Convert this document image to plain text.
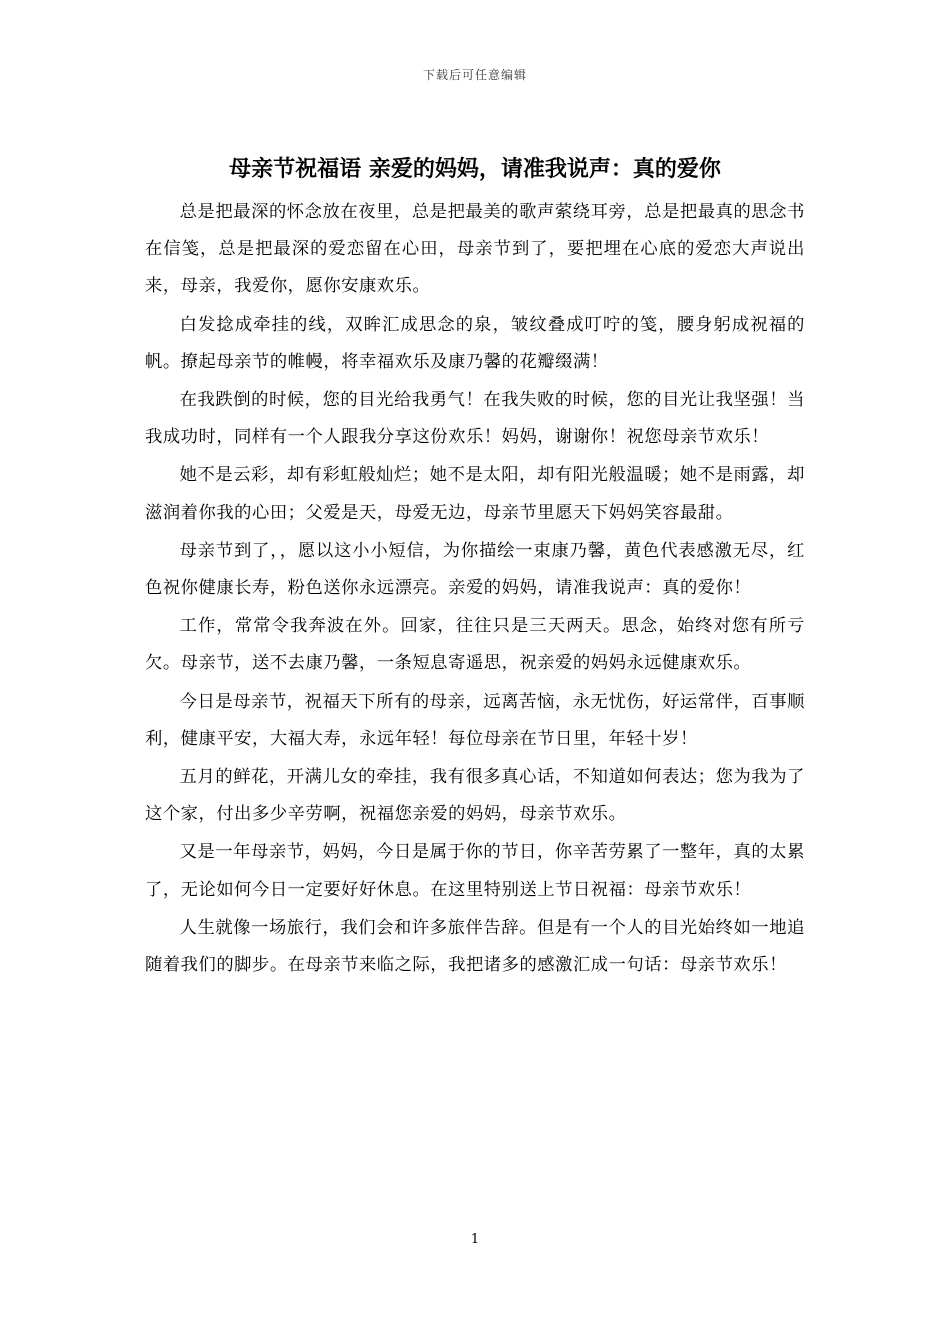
下载后可任意编辑
母亲节祝福语 亲爱的妈妈，请准我说声：真的爱你

总是把最深的怀念放在夜里，总是把最美的歌声萦绕耳旁，总是把最真的思念书在信笺，总是把最深的爱恋留在心田，母亲节到了，要把埋在心底的爱恋大声说出来，母亲，我爱你，愿你安康欢乐。

白发捻成牵挂的线，双眸汇成思念的泉，皱纹叠成叮咛的笺，腰身躬成祝福的帆。撩起母亲节的帷幔，将幸福欢乐及康乃馨的花瓣缀满！

在我跌倒的时候，您的目光给我勇气！在我失败的时候，您的目光让我坚强！当我成功时，同样有一个人跟我分享这份欢乐！妈妈，谢谢你！祝您母亲节欢乐！

她不是云彩，却有彩虹般灿烂；她不是太阳，却有阳光般温暖；她不是雨露，却滋润着你我的心田；父爱是天，母爱无边，母亲节里愿天下妈妈笑容最甜。

母亲节到了，，愿以这小小短信，为你描绘一束康乃馨，黄色代表感激无尽，红色祝你健康长寿，粉色送你永远漂亮。亲爱的妈妈，请准我说声：真的爱你！

工作，常常令我奔波在外。回家，往往只是三天两天。思念，始终对您有所亏欠。母亲节，送不去康乃馨，一条短息寄遥思，祝亲爱的妈妈永远健康欢乐。

今日是母亲节，祝福天下所有的母亲，远离苦恼，永无忧伤，好运常伴，百事顺利，健康平安，大福大寿，永远年轻！每位母亲在节日里，年轻十岁！

五月的鲜花，开满儿女的牵挂，我有很多真心话，不知道如何表达；您为我为了这个家，付出多少辛劳啊，祝福您亲爱的妈妈，母亲节欢乐。

又是一年母亲节，妈妈，今日是属于你的节日，你辛苦劳累了一整年，真的太累了，无论如何今日一定要好好休息。在这里特别送上节日祝福：母亲节欢乐！

人生就像一场旅行，我们会和许多旅伴告辞。但是有一个人的目光始终如一地追随着我们的脚步。在母亲节来临之际，我把诸多的感激汇成一句话：母亲节欢乐！

1
